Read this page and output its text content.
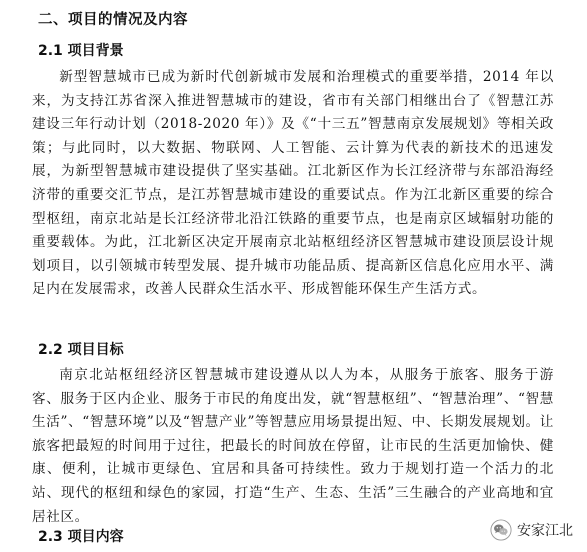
二、项目的情况及内容
2.1 项目背景
新型智慧城市已成为新时代创新城市发展和治理模式的重要举措，2014 年以来，为支持江苏省深入推进智慧城市的建设，省市有关部门相继出台了《智慧江苏建设三年行动计划（2018-2020 年）》及《“十三五”智慧南京发展规划》等相关政策；与此同时，以大数据、物联网、人工智能、云计算为代表的新技术的迅速发展，为新型智慧城市建设提供了坚实基础。江北新区作为长江经济带与东部沿海经济带的重要交汇节点，是江苏智慧城市建设的重要试点。作为江北新区重要的综合型枢纽，南京北站是长江经济带北沿江铁路的重要节点，也是南京区域辐射功能的重要载体。为此，江北新区决定开展南京北站枢纽经济区智慧城市建设顶层设计规划项目，以引领城市转型发展、提升城市功能品质、提高新区信息化应用水平、满足内在发展需求，改善人民群众生活水平、形成智能环保生产生活方式。
2.2 项目目标
南京北站枢纽经济区智慧城市建设遵从以人为本，从服务于旅客、服务于游客、服务于区内企业、服务于市民的角度出发，就“智慧枢纽”、“智慧治理”、“智慧生活”、“智慧环境”以及“智慧产业”等智慧应用场景提出短、中、长期发展规划。让旅客把最短的时间用于过往，把最长的时间放在停留，让市民的生活更加愉快、健康、便利，让城市更绿色、宜居和具备可持续性。致力于规划打造一个活力的北站、现代的枢纽和绿色的家园，打造“生产、生态、生活”三生融合的产业高地和宜居社区。
2.3 项目内容	安家江北
